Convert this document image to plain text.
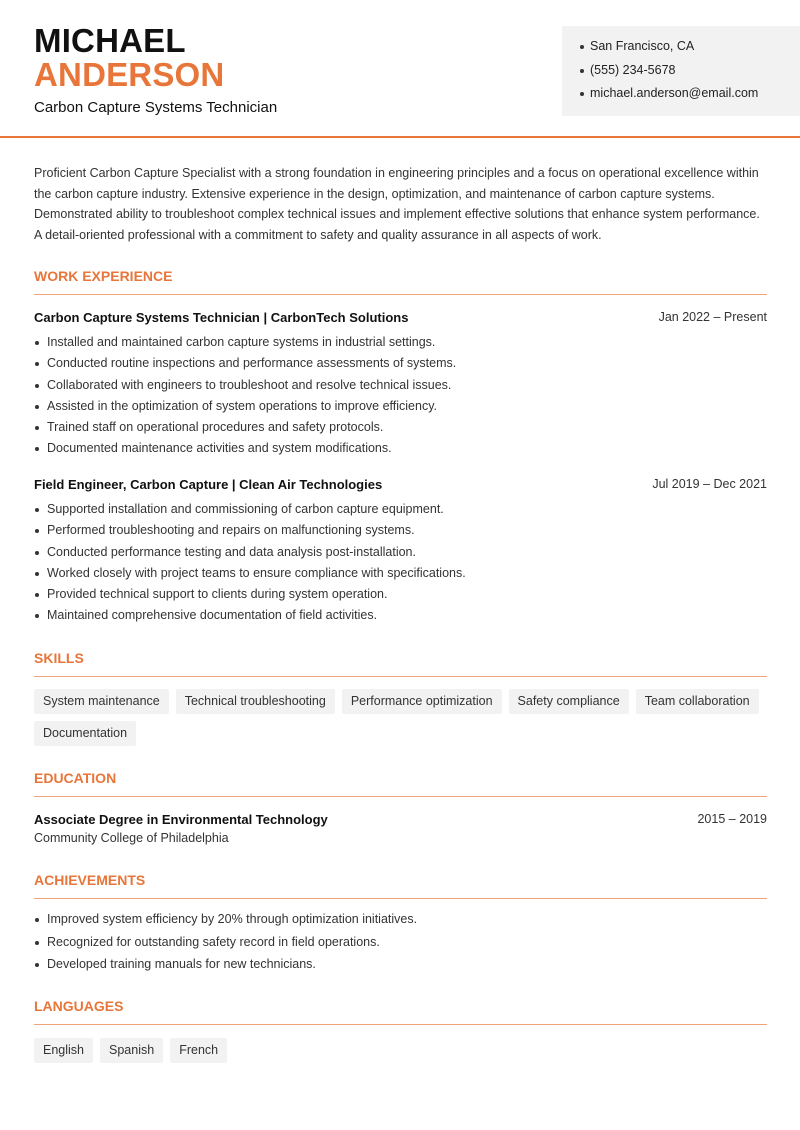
MICHAEL
ANDERSON
Carbon Capture Systems Technician
San Francisco, CA
(555) 234-5678
michael.anderson@email.com

Proficient Carbon Capture Specialist with a strong foundation in engineering principles and a focus on operational excellence within the carbon capture industry. Extensive experience in the design, optimization, and maintenance of carbon capture systems. Demonstrated ability to troubleshoot complex technical issues and implement effective solutions that enhance system performance. A detail-oriented professional with a commitment to safety and quality assurance in all aspects of work.

WORK EXPERIENCE
Carbon Capture Systems Technician | CarbonTech Solutions	Jan 2022 – Present
Installed and maintained carbon capture systems in industrial settings.
Conducted routine inspections and performance assessments of systems.
Collaborated with engineers to troubleshoot and resolve technical issues.
Assisted in the optimization of system operations to improve efficiency.
Trained staff on operational procedures and safety protocols.
Documented maintenance activities and system modifications.
Field Engineer, Carbon Capture | Clean Air Technologies	Jul 2019 – Dec 2021
Supported installation and commissioning of carbon capture equipment.
Performed troubleshooting and repairs on malfunctioning systems.
Conducted performance testing and data analysis post-installation.
Worked closely with project teams to ensure compliance with specifications.
Provided technical support to clients during system operation.
Maintained comprehensive documentation of field activities.
SKILLS
System maintenance	Technical troubleshooting	Performance optimization	Safety compliance	Team collaboration
Documentation
EDUCATION
Associate Degree in Environmental Technology	2015 – 2019
Community College of Philadelphia
ACHIEVEMENTS
Improved system efficiency by 20% through optimization initiatives.
Recognized for outstanding safety record in field operations.
Developed training manuals for new technicians.
LANGUAGES
English	Spanish	French
